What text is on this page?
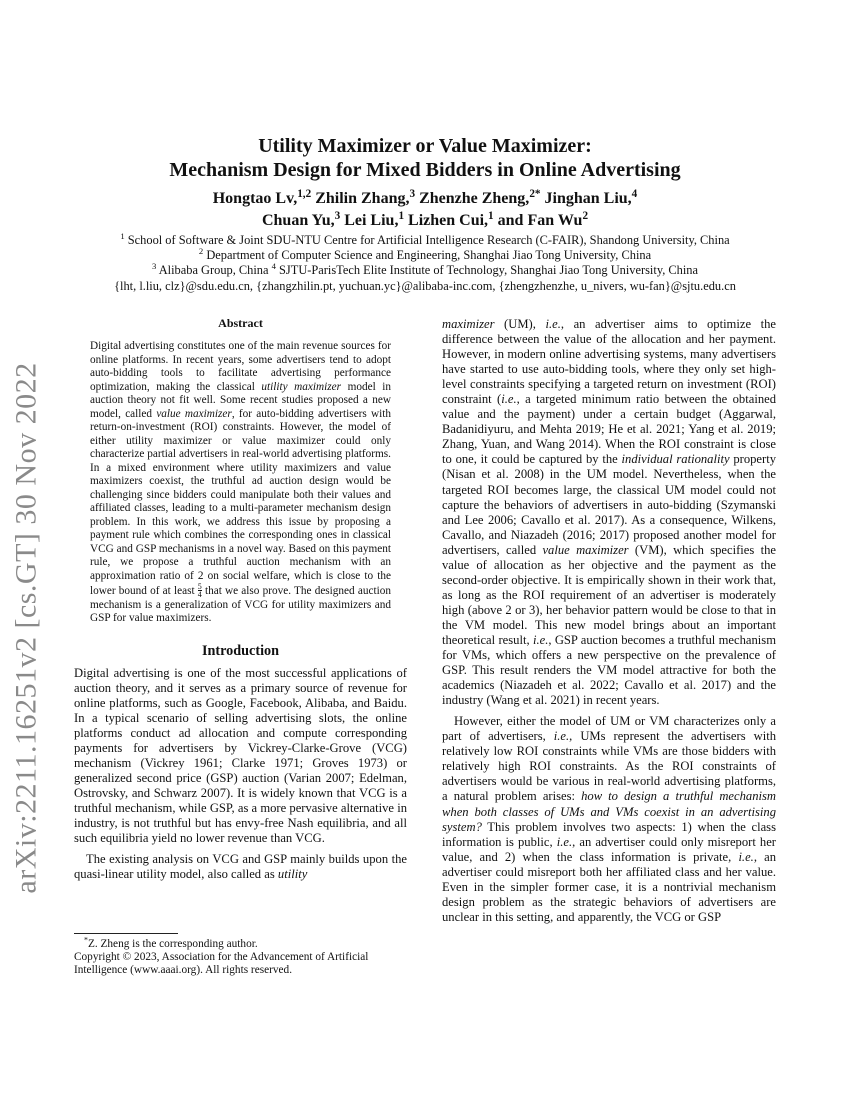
arXiv:2211.16251v2 [cs.GT] 30 Nov 2022
Utility Maximizer or Value Maximizer:
Mechanism Design for Mixed Bidders in Online Advertising
Hongtao Lv,$^{1,2}$ Zhilin Zhang,$^3$ Zhenzhe Zheng,$^{2*}$ Jinghan Liu,$^4$
Chuan Yu,$^3$ Lei Liu,$^1$ Lizhen Cui,$^1$ and Fan Wu$^2$
$^1$ School of Software & Joint SDU-NTU Centre for Artificial Intelligence Research (C-FAIR), Shandong University, China
$^2$ Department of Computer Science and Engineering, Shanghai Jiao Tong University, China
$^3$ Alibaba Group, China $^4$ SJTU-ParisTech Elite Institute of Technology, Shanghai Jiao Tong University, China
{lht, l.liu, clz}@sdu.edu.cn, {zhangzhilin.pt, yuchuan.yc}@alibaba-inc.com, {zhengzhenzhe, u_nivers, wu-fan}@sjtu.edu.cn
Abstract

Digital advertising constitutes one of the main revenue sources for online platforms. In recent years, some advertisers tend to adopt auto-bidding tools to facilitate advertising performance optimization, making the classical utility maximizer model in auction theory not fit well. Some recent studies proposed a new model, called value maximizer, for auto-bidding advertisers with return-on-investment (ROI) constraints. However, the model of either utility maximizer or value maximizer could only characterize partial advertisers in real-world advertising platforms. In a mixed environment where utility maximizers and value maximizers coexist, the truthful ad auction design would be challenging since bidders could manipulate both their values and affiliated classes, leading to a multi-parameter mechanism design problem. In this work, we address this issue by proposing a payment rule which combines the corresponding ones in classical VCG and GSP mechanisms in a novel way. Based on this payment rule, we propose a truthful auction mechanism with an approximation ratio of 2 on social welfare, which is close to the lower bound of at least $\frac{5}{4}$ that we also prove. The designed auction mechanism is a generalization of VCG for utility maximizers and GSP for value maximizers.

Introduction

Digital advertising is one of the most successful applications of auction theory, and it serves as a primary source of revenue for online platforms, such as Google, Facebook, Alibaba, and Baidu. In a typical scenario of selling advertising slots, the online platforms conduct ad allocation and compute corresponding payments for advertisers by Vickrey-Clarke-Grove (VCG) mechanism (Vickrey 1961; Clarke 1971; Groves 1973) or generalized second price (GSP) auction (Varian 2007; Edelman, Ostrovsky, and Schwarz 2007). It is widely known that VCG is a truthful mechanism, while GSP, as a more pervasive alternative in industry, is not truthful but has envy-free Nash equilibria, and all such equilibria yield no lower revenue than VCG.

The existing analysis on VCG and GSP mainly builds upon the quasi-linear utility model, also called as utility

maximizer (UM), i.e., an advertiser aims to optimize the difference between the value of the allocation and her payment. However, in modern online advertising systems, many advertisers have started to use auto-bidding tools, where they only set high-level constraints specifying a targeted return on investment (ROI) constraint (i.e., a targeted minimum ratio between the obtained value and the payment) under a certain budget (Aggarwal, Badanidiyuru, and Mehta 2019; He et al. 2021; Yang et al. 2019; Zhang, Yuan, and Wang 2014). When the ROI constraint is close to one, it could be captured by the individual rationality property (Nisan et al. 2008) in the UM model. Nevertheless, when the targeted ROI becomes large, the classical UM model could not capture the behaviors of advertisers in auto-bidding (Szymanski and Lee 2006; Cavallo et al. 2017). As a consequence, Wilkens, Cavallo, and Niazadeh (2016; 2017) proposed another model for advertisers, called value maximizer (VM), which specifies the value of allocation as her objective and the payment as the second-order objective. It is empirically shown in their work that, as long as the ROI requirement of an advertiser is moderately high (above 2 or 3), her behavior pattern would be close to that in the VM model. This new model brings about an important theoretical result, i.e., GSP auction becomes a truthful mechanism for VMs, which offers a new perspective on the prevalence of GSP. This result renders the VM model attractive for both the academics (Niazadeh et al. 2022; Cavallo et al. 2017) and the industry (Wang et al. 2021) in recent years.

However, either the model of UM or VM characterizes only a part of advertisers, i.e., UMs represent the advertisers with relatively low ROI constraints while VMs are those bidders with relatively high ROI constraints. As the ROI constraints of advertisers would be various in real-world advertising platforms, a natural problem arises: how to design a truthful mechanism when both classes of UMs and VMs coexist in an advertising system? This problem involves two aspects: 1) when the class information is public, i.e., an advertiser could only misreport her value, and 2) when the class information is private, i.e., an advertiser could misreport both her affiliated class and her value. Even in the simpler former case, it is a nontrivial mechanism design problem as the strategic behaviors of advertisers are unclear in this setting, and apparently, the VCG or GSP

*Z. Zheng is the corresponding author.

Copyright © 2023, Association for the Advancement of Artificial Intelligence (www.aaai.org). All rights reserved.
